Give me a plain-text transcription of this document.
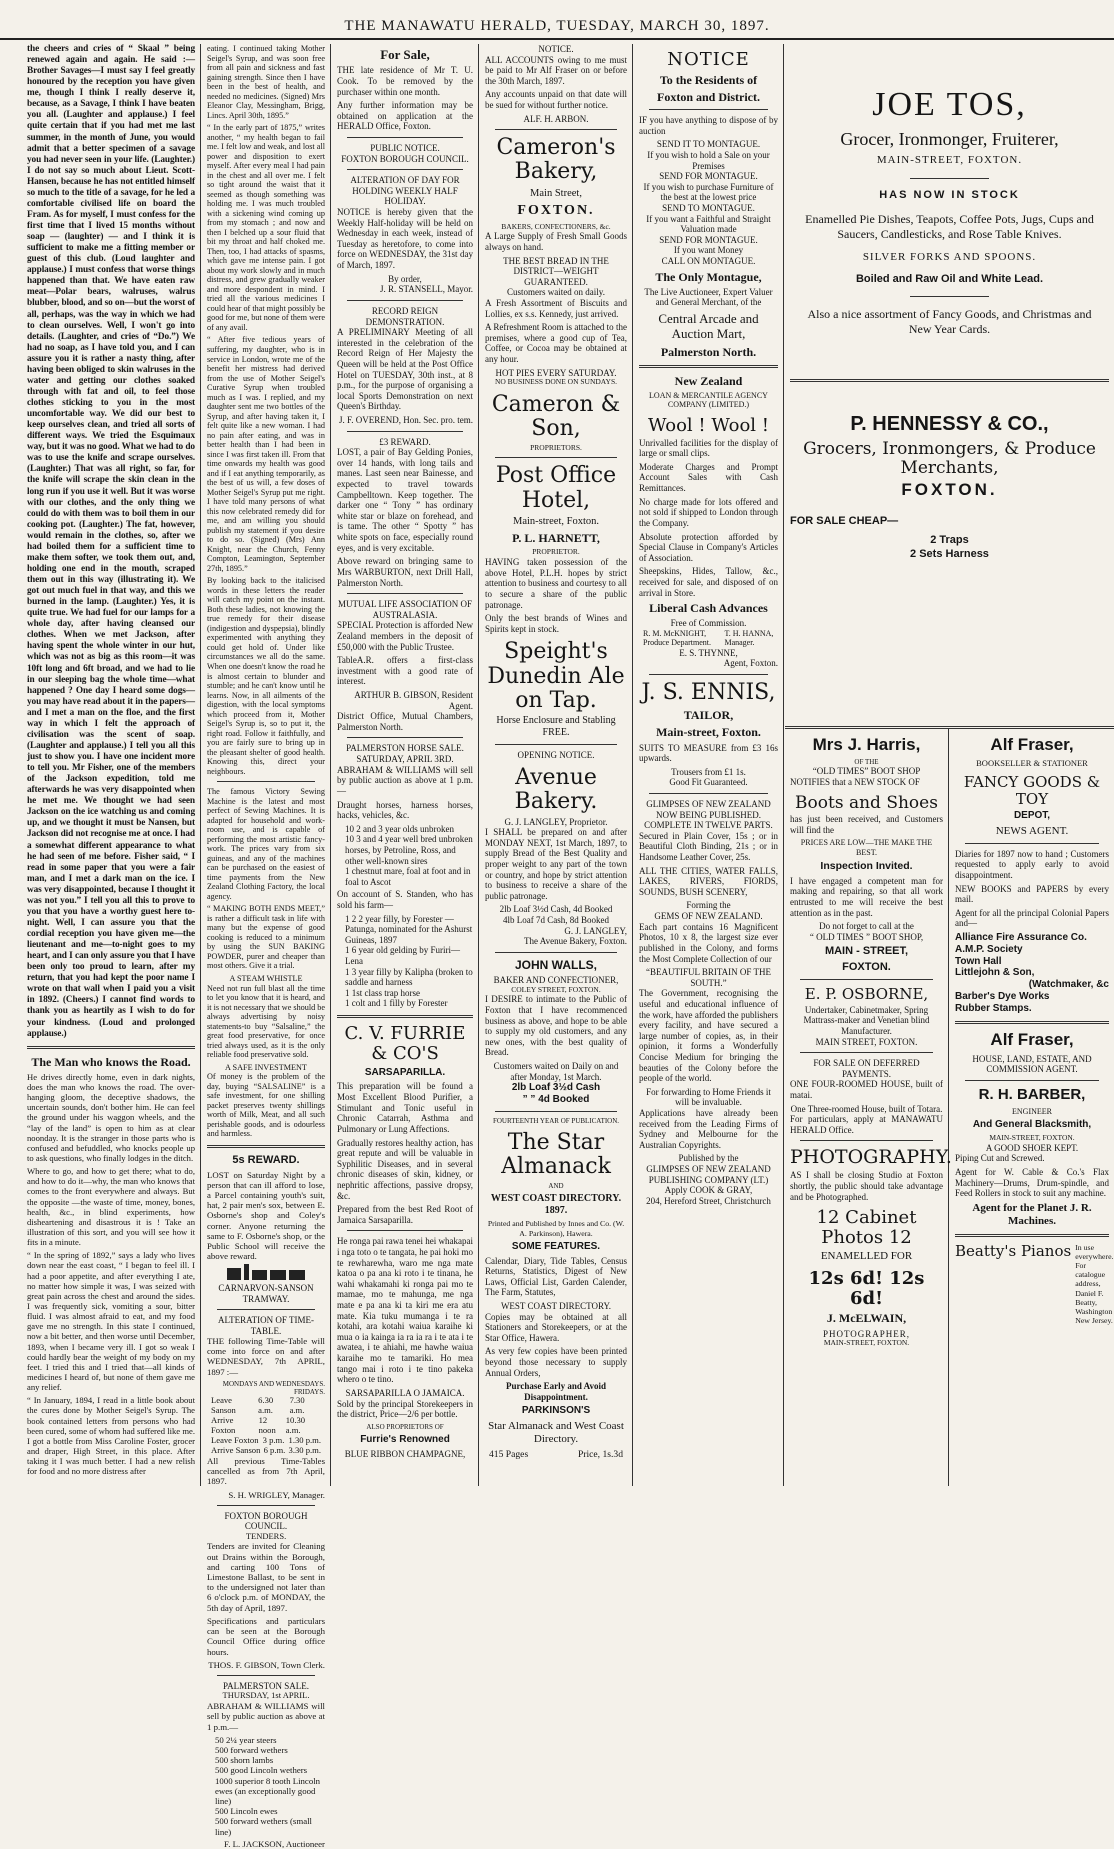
THE MANAWATU HERALD, TUESDAY, MARCH 30, 1897.

the cheers and cries of “ Skaal ” being renewed again and again. He said :—Brother Savages—I must say I feel greatly honoured by the reception you have given me, though I think I really deserve it, because, as a Savage, I think I have beaten you all. (Laughter and applause.) I feel quite certain that if you had met me last summer, in the month of June, you would admit that a better specimen of a savage you had never seen in your life. (Laughter.) I do not say so much about Lieut. Scott-Hansen, because he has not entitled himself so much to the title of a savage, for he led a comfortable civilised life on board the Fram. As for myself, I must confess for the first time that I lived 15 months without soap — (laughter) — and I think it is sufficient to make me a fitting member or guest of this club. (Loud laughter and applause.) I must confess that worse things happened than that. We have eaten raw meat—Polar bears, walruses, walrus blubber, blood, and so on—but the worst of all, perhaps, was the way in which we had to clean ourselves. Well, I won't go into details. (Laughter, and cries of “Do.”) We had no soap, as I have told you, and I can assure you it is rather a nasty thing, after having been obliged to skin walruses in the water and getting our clothes soaked through with fat and oil, to feel those clothes sticking to you in the most uncomfortable way. We did our best to keep ourselves clean, and tried all sorts of different ways. We tried the Esquimaux way, but it was no good. What we had to do was to use the knife and scrape ourselves. (Laughter.) That was all right, so far, for the knife will scrape the skin clean in the long run if you use it well. But it was worse with our clothes, and the only thing we could do with them was to boil them in our cooking pot. (Laughter.) The fat, however, would remain in the clothes, so, after we had boiled them for a sufficient time to make them softer, we took them out, and, holding one end in the mouth, scraped them out in this way (illustrating it). We got out much fuel in that way, and this we burned in the lamp. (Laughter.) Yes, it is quite true. We had fuel for our lamps for a whole day, after having cleansed our clothes. When we met Jackson, after having spent the whole winter in our hut, which was not as big as this room—it was 10ft long and 6ft broad, and we had to lie in our sleeping bag the whole time—what happened ? One day I heard some dogs—you may have read about it in the papers—and I met a man on the floe, and the first way in which I felt the approach of civilisation was the scent of soap. (Laughter and applause.) I tell you all this just to show you. I have one incident more to tell you. Mr Fisher, one of the members of the Jackson expedition, told me afterwards he was very disappointed when he met me. We thought we had seen Jackson on the ice watching us and coming up, and we thought it must be Nansen, but Jackson did not recognise me at once. I had a somewhat different appearance to what he had seen of me before. Fisher said, “ I read in some paper that you were a fair man, and I met a dark man on the ice. I was very disappointed, because I thought it was not you.” I tell you all this to prove to you that you have a worthy guest here to-night. Well, I can assure you that the cordial reception you have given me—the lieutenant and me—to-night goes to my heart, and I can only assure you that I have been only too proud to learn, after my return, that you had kept the poor name I wrote on that wall when I paid you a visit in 1892. (Cheers.) I cannot find words to thank you as heartily as I wish to do for your kindness. (Loud and prolonged applause.)

The Man who knows the Road.

He drives directly home, even in dark nights, does the man who knows the road. The over-hanging gloom, the deceptive shadows, the uncertain sounds, don't bother him. He can feel the ground under his waggon wheels, and the “lay of the land” is open to him as at clear noonday. It is the stranger in those parts who is confused and befuddled, who knocks people up to ask questions, who finally lodges in the ditch.

Where to go, and how to get there; what to do, and how to do it—why, the man who knows that comes to the front everywhere and always. But the opposite —the waste of time, money, bones, health, &c., in blind experiments, how disheartening and disastrous it is ! Take an illustration of this sort, and you will see how it fits in a minute.

“ In the spring of 1892,” says a lady who lives down near the east coast, “ I began to feel ill. I had a poor appetite, and after everything I ate, no matter how simple it was, I was seized with great pain across the chest and around the sides. I was frequently sick, vomiting a sour, bitter fluid. I was almost afraid to eat, and my food gave me no strength. In this state I continued, now a bit better, and then worse until December, 1893, when I became very ill. I got so weak I could hardly bear the weight of my body on my feet. I tried this and I tried that—all kinds of medicines I heard of, but none of them gave me any relief.

“ In January, 1894, I read in a little book about the cures done by Mother Seigel's Syrup. The book contained letters from persons who had been cured, some of whom had suffered like me. I got a bottle from Miss Caroline Foster, grocer and draper, High Street, in this place. After taking it I was much better. I had a new relish for food and no more distress after

eating. I continued taking Mother Seigel's Syrup, and was soon free from all pain and sickness and fast gaining strength. Since then I have been in the best of health, and needed no medicines. (Signed) Mrs Eleanor Clay, Messingham, Brigg, Lincs. April 30th, 1895.”

“ In the early part of 1875,” writes another, “ my health began to fail me. I felt low and weak, and lost all power and disposition to exert myself. After every meal I had pain in the chest and all over me. I felt so tight around the waist that it seemed as though something was holding me. I was much troubled with a sickening wind coming up from my stomach ; and now and then I belched up a sour fluid that bit my throat and half choked me. Then, too, I had attacks of spasms, which gave me intense pain. I got about my work slowly and in much distress, and grew gradually weaker and more despondent in mind. I tried all the various medicines I could hear of that might possibly be good for me, but none of them were of any avail.

“ After five tedious years of suffering, my daughter, who is in service in London, wrote me of the benefit her mistress had derived from the use of Mother Seigel's Curative Syrup when troubled much as I was. I replied, and my daughter sent me two bottles of the Syrup, and after having taken it, I felt quite like a new woman. I had no pain after eating, and was in better health than I had been in since I was first taken ill. From that time onwards my health was good and if I eat anything temporarily, as the best of us will, a few doses of Mother Seigel's Syrup put me right. I have told many persons of what this now celebrated remedy did for me, and am willing you should publish my statement if you desire to do so. (Signed) (Mrs) Ann Knight, near the Church, Fenny Compton, Leamington, September 27th, 1895.”

By looking back to the italicised words in these letters the reader will catch my point on the instant. Both these ladies, not knowing the true remedy for their disease (indigestion and dyspepsia), blindly experimented with anything they could get hold of. Under like circumstances we all do the same. When one doesn't know the road he is almost certain to blunder and stumble; and he can't know until he learns. Now, in all ailments of the digestion, with the local symptoms which proceed from it, Mother Seigel's Syrup is, so to put it, the right road. Follow it faithfully, and you are fairly sure to bring up in the pleasant shelter of good health. Knowing this, direct your neighbours.

The famous Victory Sewing Machine is the latest and most perfect of Sewing Machines. It is adapted for household and work-room use, and is capable of performing the most artistic fancy-work. The prices vary from six guineas, and any of the machines can be purchased on the easiest of time payments from the New Zealand Clothing Factory, the local agency.

“ MAKING BOTH ENDS MEET,” is rather a difficult task in life with many but the expense of good cooking is reduced to a minimum by using the SUN BAKING POWDER, purer and cheaper than most others. Give it a trial.

A STEAM WHISTLE

Need not run full blast all the time to let you know that it is heard, and it is not necessary that we should be always advertising by noisy statements-to buy “Salsaline,” the great food preservative, for once tried always used, as it is the only reliable food preservative sold.

A SAFE INVESTMENT

Of money is the problem of the day, buying “SALSALINE” is a safe investment, for one shilling packet preserves twenty shillings worth of Milk, Meat, and all such perishable goods, and is odourless and harmless.

5s REWARD.

LOST on Saturday Night by a person that can ill afford to lose, a Parcel containing youth's suit, hat, 2 pair men's sox, between E. Osborne's shop and Coley's corner. Anyone returning the same to F. Osborne's shop, or the Public School will receive the above reward.

CARNARVON-SANSON TRAMWAY.
ALTERATION OF TIME-TABLE.

THE following Time-Table will come into force on and after WEDNESDAY, 7th APRIL, 1897 :—

MONDAYS AND WEDNESDAYS. FRIDAYS.
Leave Sanson
6.30 a.m.
7.30 a.m.
Arrive Foxton
12 noon
10.30 a.m.
Leave Foxton 3 p.m. 1.30 p.m.
Arrive Sanson 6 p.m. 3.30 p.m.

All previous Time-Tables cancelled as from 7th April, 1897.

S. H. WRIGLEY, Manager.
FOXTON BOROUGH COUNCIL.
TENDERS.

Tenders are invited for Cleaning out Drains within the Borough, and carting 100 Tons of Limestone Ballast, to be sent in to the undersigned not later than 6 o'clock p.m. of MONDAY, the 5th day of April, 1897.

Specifications and particulars can be seen at the Borough Council Office during office hours.

THOS. F. GIBSON, Town Clerk.
PALMERSTON SALE.
THURSDAY, 1st APRIL.

ABRAHAM & WILLIAMS will sell by public auction as above at 1 p.m.—

50 2¼ year steers
500 forward wethers
500 shorn lambs
500 good Lincoln wethers
1000 superior 8 tooth Lincoln ewes (an exceptionally good line)
500 Lincoln ewes
500 forward wethers (small line)
F. L. JACKSON, Auctioneer
For Sale,

THE late residence of Mr T. U. Cook. To be removed by the purchaser within one month.

Any further information may be obtained on application at the HERALD Office, Foxton.

PUBLIC NOTICE.
FOXTON BOROUGH COUNCIL.
ALTERATION OF DAY FOR HOLDING WEEKLY HALF HOLIDAY.

NOTICE is hereby given that the Weekly Half-holiday will be held on Wednesday in each week, instead of Tuesday as heretofore, to come into force on WEDNESDAY, the 31st day of March, 1897.

By order,
J. R. STANSELL, Mayor.
RECORD REIGN DEMONSTRATION.

A PRELIMINARY Meeting of all interested in the celebration of the Record Reign of Her Majesty the Queen will be held at the Post Office Hotel on TUESDAY, 30th inst., at 8 p.m., for the purpose of organising a local Sports Demonstration on next Queen's Birthday.

J. F. OVEREND, Hon. Sec. pro. tem.
£3 REWARD.

LOST, a pair of Bay Gelding Ponies, over 14 hands, with long tails and manes. Last seen near Bainesse, and expected to travel towards Campbelltown. Keep together. The darker one “ Tony ” has ordinary white star or blaze on forehead, and is tame. The other “ Spotty ” has white spots on face, especially round eyes, and is very excitable.

Above reward on bringing same to Mrs WARBURTON, next Drill Hall, Palmerston North.

MUTUAL LIFE ASSOCIATION OF AUSTRALASIA.

SPECIAL Protection is afforded New Zealand members in the deposit of £50,000 with the Public Trustee.

TableA.R. offers a first-class investment with a good rate of interest.

ARTHUR B. GIBSON, Resident Agent.

District Office, Mutual Chambers, Palmerston North.

PALMERSTON HORSE SALE.
SATURDAY, APRIL 3RD.

ABRAHAM & WILLIAMS will sell by public auction as above at 1 p.m.—

Draught horses, harness horses, hacks, vehicles, &c.

10 2 and 3 year olds unbroken
10 3 and 4 year well bred unbroken horses, by Petroline, Ross, and other well-known sires
1 chestnut mare, foal at foot and in foal to Ascot

On account of S. Standen, who has sold his farm—

1 2 2 year filly, by Forester —Patunga, nominated for the Ashurst Guineas, 1897
1 6 year old gelding by Furiri—Lena
1 3 year filly by Kalipha (broken to saddle and harness
1 1st class trap horse
1 colt and 1 filly by Forester
C. V. FURRIE & CO'S
SARSAPARILLA.

This preparation will be found a Most Excellent Blood Purifier, a Stimulant and Tonic useful in Chronic Catarrah, Asthma and Pulmonary or Lung Affections.

Gradually restores healthy action, has great repute and will be valuable in Syphilitic Diseases, and in several chronic diseases of skin, kidney, or nephritic affections, passive dropsy, &c.

Prepared from the best Red Root of Jamaica Sarsaparilla.

He ronga pai rawa tenei hei whakapai i nga toto o te tangata, he pai hoki mo te rewharewha, waro me nga mate katoa o pa ana ki roto i te tinana, he wahi whakamahi ki ronga pai mo te mamae, mo te mahunga, me nga mate e pa ana ki ta kiri me era atu mate. Kia tuku mumanga i te ra kotahi, ara kotahi waiua karaihe ki mua o ia kainga ia ra ia ra i te ata i te awatea, i te ahiahi, me hawhe waiua karaihe mo te tamariki. Ho mea tango mai i roto i te tino pakeka whero o te tino.

SARSAPARILLA O JAMAICA.

Sold by the principal Storekeepers in the district, Price—2/6 per bottle.

ALSO PROPRIETORS OF
Furrie's Renowned
BLUE RIBBON CHAMPAGNE,
NOTICE.

ALL ACCOUNTS owing to me must be paid to Mr Alf Fraser on or before the 30th March, 1897.

Any accounts unpaid on that date will be sued for without further notice.

ALF. H. ARBON.
Cameron's Bakery,
Main Street,
FOXTON.
BAKERS, CONFECTIONERS, &c.

A Large Supply of Fresh Small Goods always on hand.

THE BEST BREAD IN THE DISTRICT—WEIGHT GUARANTEED.
Customers waited on daily.

A Fresh Assortment of Biscuits and Lollies, ex s.s. Kennedy, just arrived.

A Refreshment Room is attached to the premises, where a good cup of Tea, Coffee, or Cocoa may be obtained at any hour.

HOT PIES EVERY SATURDAY.
NO BUSINESS DONE ON SUNDAYS.
Cameron & Son,
PROPRIETORS.
Post Office Hotel,
Main-street, Foxton.
P. L. HARNETT,
PROPRIETOR.

HAVING taken possession of the above Hotel, P.L.H. hopes by strict attention to business and courtesy to all to secure a share of the public patronage.

Only the best brands of Wines and Spirits kept in stock.

Speight's Dunedin Ale on Tap.
Horse Enclosure and Stabling FREE.
OPENING NOTICE.
Avenue Bakery.
G. J. LANGLEY, Proprietor.

I SHALL be prepared on and after MONDAY NEXT, 1st March, 1897, to supply Bread of the Best Quality and proper weight to any part of the town or country, and hope by strict attention to business to receive a share of the public patronage.

2lb Loaf 3½d Cash, 4d Booked
4lb Loaf 7d Cash, 8d Booked
G. J. LANGLEY,
The Avenue Bakery, Foxton.
JOHN WALLS,
BAKER AND CONFECTIONER,
COLEY STREET, FOXTON.

I DESIRE to intimate to the Public of Foxton that I have recommenced business as above, and hope to be able to supply my old customers, and any new ones, with the best quality of Bread.

Customers waited on Daily on and after Monday, 1st March.
2lb Loaf 3½d Cash
” ” 4d Booked
FOURTEENTH YEAR OF PUBLICATION.
The Star Almanack
AND
WEST COAST DIRECTORY. 1897.
Printed and Published by Innes and Co. (W. A. Parkinson), Hawera.
SOME FEATURES.

Calendar, Diary, Tide Tables, Census Returns, Statistics, Digest of New Laws, Official List, Garden Calender, The Farm, Statutes,

WEST COAST DIRECTORY.

Copies may be obtained at all Stationers and Storekeepers, or at the Star Office, Hawera.

As very few copies have been printed beyond those necessary to supply Annual Orders,

Purchase Early and Avoid Disappointment.
PARKINSON'S
Star Almanack and West Coast Directory.
415 Pages	Price, 1s.3d
NOTICE
To the Residents of
Foxton and District.

IF you have anything to dispose of by auction

SEND IT TO MONTAGUE.
If you wish to hold a Sale on your Premises
SEND FOR MONTAGUE.
If you wish to purchase Furniture of the best at the lowest price
SEND TO MONTAGUE.
If you want a Faithful and Straight Valuation made
SEND FOR MONTAGUE.
If you want Money
CALL ON MONTAGUE.
The Only Montague,
The Live Auctioneer, Expert Valuer and General Merchant, of the
Central Arcade and Auction Mart,
Palmerston North.
New Zealand
LOAN & MERCANTILE AGENCY COMPANY (LIMITED.)
Wool ! Wool !

Unrivalled facilities for the display of large or small clips.

Moderate Charges and Prompt Account Sales with Cash Remittances.

No charge made for lots offered and not sold if shipped to London through the Company.

Absolute protection afforded by Special Clause in Company's Articles of Association.

Sheepskins, Hides, Tallow, &c., received for sale, and disposed of on arrival in Store.

Liberal Cash Advances
Free of Commission.
R. M. McKNIGHT, Produce Department.
T. H. HANNA, Manager.
E. S. THYNNE,
Agent, Foxton.
J. S. ENNIS,
TAILOR,
Main-street, Foxton.

SUITS TO MEASURE from £3 16s upwards.

Trousers from £1 1s.
Good Fit Guaranteed.
GLIMPSES OF NEW ZEALAND
NOW BEING PUBLISHED.
COMPLETE IN TWELVE PARTS.

Secured in Plain Cover, 15s ; or in Beautiful Cloth Binding, 21s ; or in Handsome Leather Cover, 25s.

ALL THE CITIES, WATER FALLS, LAKES, RIVERS, FIORDS, SOUNDS, BUSH SCENERY,

Forming the
GEMS OF NEW ZEALAND.

Each part contains 16 Magnificent Photos, 10 x 8, the largest size ever published in the Colony, and forms the Most Complete Collection of our

“BEAUTIFUL BRITAIN OF THE SOUTH.”

The Government, recognising the useful and educational influence of the work, have afforded the publishers every facility, and have secured a large number of copies, as, in their opinion, it forms a Wonderfully Concise Medium for bringing the beauties of the Colony before the people of the world.

For forwarding to Home Friends it will be invaluable.

Applications have already been received from the Leading Firms of Sydney and Melbourne for the Australian Copyrights.

Published by the
GLIMPSES OF NEW ZEALAND PUBLISHING COMPANY (LT.)
Apply COOK & GRAY,
204, Hereford Street, Christchurch
JOE TOS,
Grocer, Ironmonger, Fruiterer,
MAIN-STREET, FOXTON.
HAS NOW IN STOCK
Enamelled Pie Dishes, Teapots, Coffee Pots, Jugs, Cups and Saucers, Candlesticks, and Rose Table Knives.
SILVER FORKS AND SPOONS.
Boiled and Raw Oil and White Lead.
Also a nice assortment of Fancy Goods, and Christmas and New Year Cards.
P. HENNESSY & CO.,
Grocers, Ironmongers, & Produce Merchants,
FOXTON.
FOR SALE CHEAP—
2 Traps
2 Sets Harness
Mrs J. Harris,
OF THE
“OLD TIMES” BOOT SHOP

NOTIFIES that a NEW STOCK OF

Boots and Shoes

has just been received, and Customers will find the

PRICES ARE LOW—THE MAKE THE BEST.
Inspection Invited.

I have engaged a competent man for making and repairing, so that all work entrusted to me will receive the best attention as in the past.

Do not forget to call at the
“ OLD TIMES ” BOOT SHOP,
MAIN - STREET,
FOXTON.
E. P. OSBORNE,
Undertaker, Cabinetmaker, Spring Mattrass-maker and Venetian blind Manufacturer.
MAIN STREET, FOXTON.
FOR SALE ON DEFERRED PAYMENTS.

ONE FOUR-ROOMED HOUSE, built of matai.

One Three-roomed House, built of Totara.

For particulars, apply at MANAWATU HERALD Office.

PHOTOGRAPHY.

AS I shall be closing Studio at Foxton shortly, the public should take advantage and be Photographed.

12 Cabinet Photos 12
ENAMELLED FOR
12s 6d! 12s 6d!
J. McELWAIN,
PHOTOGRAPHER,
MAIN-STREET, FOXTON.
Alf Fraser,
BOOKSELLER & STATIONER
FANCY GOODS & TOY
DEPOT,
NEWS AGENT.

Diaries for 1897 now to hand ; Customers requested to apply early to avoid disappointment.

NEW BOOKS and PAPERS by every mail.

Agent for all the principal Colonial Papers and—

Alliance Fire Assurance Co.
A.M.P. Society
Town Hall
Littlejohn & Son,
(Watchmaker, &c
Barber's Dye Works
Rubber Stamps.
Alf Fraser,
HOUSE, LAND, ESTATE, AND COMMISSION AGENT.
R. H. BARBER,
ENGINEER
And General Blacksmith,
MAIN-STREET, FOXTON.
A GOOD SHOER KEPT.

Piping Cut and Screwed.

Agent for W. Cable & Co.'s Flax Machinery—Drums, Drum-spindle, and Feed Rollers in stock to suit any machine.

Agent for the Planet J. R. Machines.
Beatty's Pianos In use everywhere. For catalogue address, Daniel F. Beatty, Washington New Jersey.
